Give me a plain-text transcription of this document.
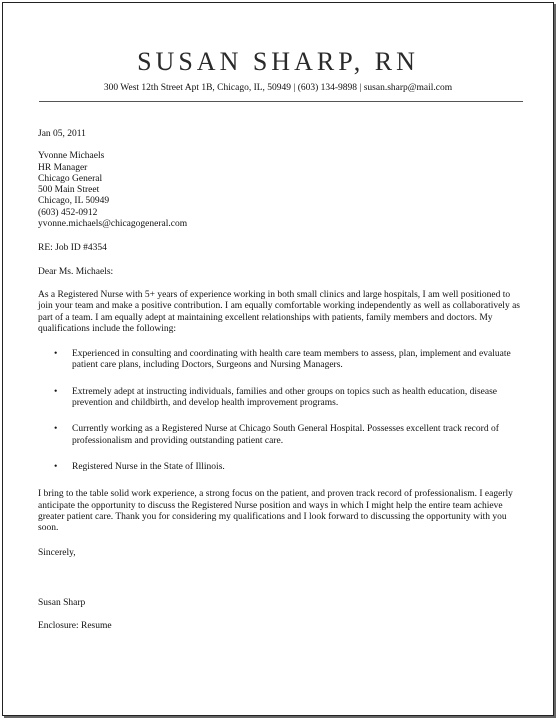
SUSAN SHARP, RN
300 West 12th Street Apt 1B, Chicago, IL, 50949 | (603) 134-9898 | susan.sharp@mail.com

Jan 05, 2011

Yvonne Michaels
HR Manager
Chicago General
500 Main Street
Chicago, IL 50949
(603) 452-0912
yvonne.michaels@chicagogeneral.com

RE: Job ID #4354

Dear Ms. Michaels:

As a Registered Nurse with 5+ years of experience working in both small clinics and large hospitals, I am well positioned to join your team and make a positive contribution. I am equally comfortable working independently as well as collaboratively as part of a team. I am equally adept at maintaining excellent relationships with patients, family members and doctors. My qualifications include the following:

• Experienced in consulting and coordinating with health care team members to assess, plan, implement and evaluate patient care plans, including Doctors, Surgeons and Nursing Managers.
• Extremely adept at instructing individuals, families and other groups on topics such as health education, disease prevention and childbirth, and develop health improvement programs.
• Currently working as a Registered Nurse at Chicago South General Hospital. Possesses excellent track record of professionalism and providing outstanding patient care.
• Registered Nurse in the State of Illinois.

I bring to the table solid work experience, a strong focus on the patient, and proven track record of professionalism. I eagerly anticipate the opportunity to discuss the Registered Nurse position and ways in which I might help the entire team achieve greater patient care. Thank you for considering my qualifications and I look forward to discussing the opportunity with you soon.

Sincerely,

Susan Sharp

Enclosure: Resume
